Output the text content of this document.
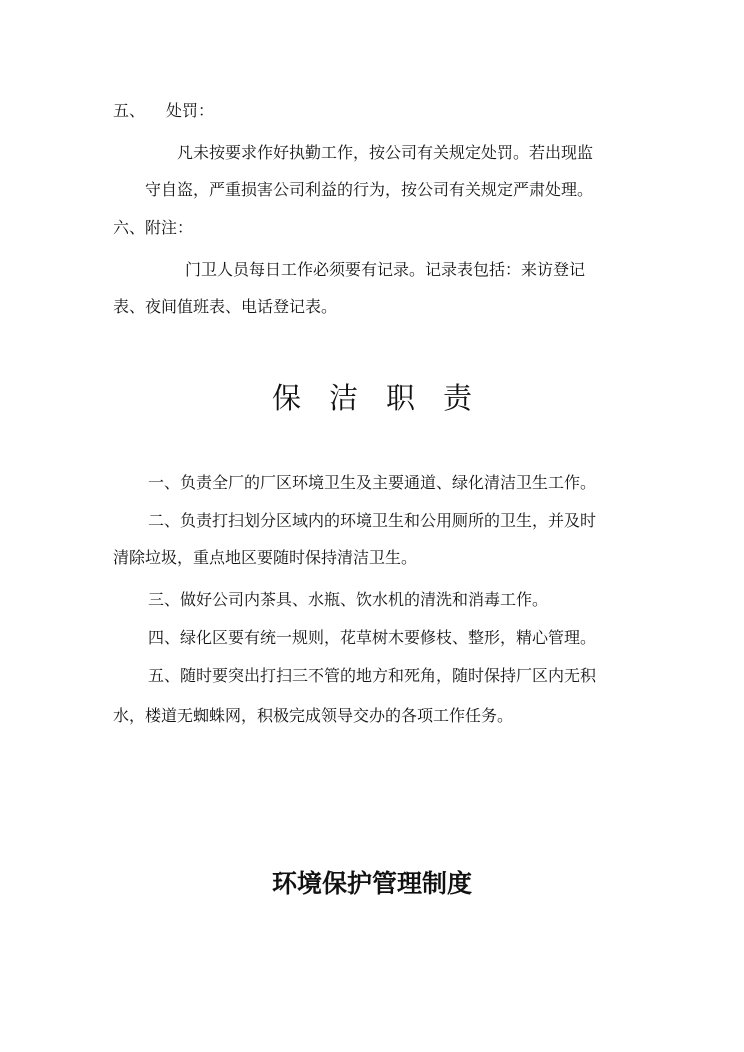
五、 处罚：
凡未按要求作好执勤工作，按公司有关规定处罚。若出现监
守自盗，严重损害公司利益的行为，按公司有关规定严肃处理。
六、附注：
门卫人员每日工作必须要有记录。记录表包括：来访登记
表、夜间值班表、电话登记表。
保洁职责
一、负责全厂的厂区环境卫生及主要通道、绿化清洁卫生工作。
二、负责打扫划分区域内的环境卫生和公用厕所的卫生，并及时
清除垃圾，重点地区要随时保持清洁卫生。
三、做好公司内茶具、水瓶、饮水机的清洗和消毒工作。
四、绿化区要有统一规则，花草树木要修枝、整形，精心管理。
五、随时要突出打扫三不管的地方和死角，随时保持厂区内无积
水，楼道无蜘蛛网，积极完成领导交办的各项工作任务。
环境保护管理制度
